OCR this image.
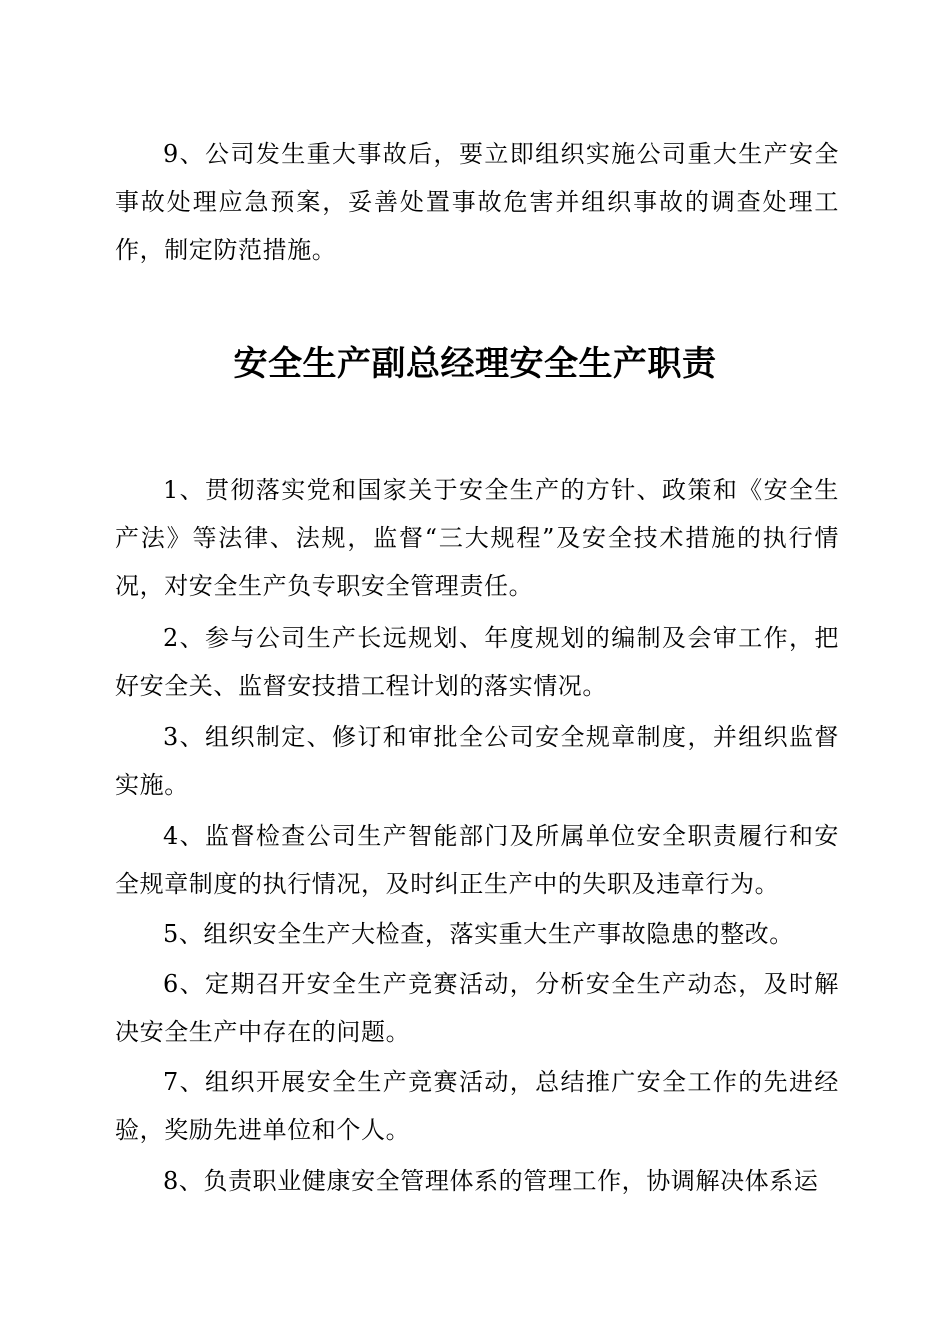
9、公司发生重大事故后，要立即组织实施公司重大生产安全事故处理应急预案，妥善处置事故危害并组织事故的调查处理工作，制定防范措施。

安全生产副总经理安全生产职责

1、贯彻落实党和国家关于安全生产的方针、政策和《安全生产法》等法律、法规，监督“三大规程”及安全技术措施的执行情况，对安全生产负专职安全管理责任。

2、参与公司生产长远规划、年度规划的编制及会审工作，把好安全关、监督安技措工程计划的落实情况。

3、组织制定、修订和审批全公司安全规章制度，并组织监督实施。

4、监督检查公司生产智能部门及所属单位安全职责履行和安全规章制度的执行情况，及时纠正生产中的失职及违章行为。

5、组织安全生产大检查，落实重大生产事故隐患的整改。

6、定期召开安全生产竞赛活动，分析安全生产动态，及时解决安全生产中存在的问题。

7、组织开展安全生产竞赛活动，总结推广安全工作的先进经验，奖励先进单位和个人。

8、负责职业健康安全管理体系的管理工作，协调解决体系运
